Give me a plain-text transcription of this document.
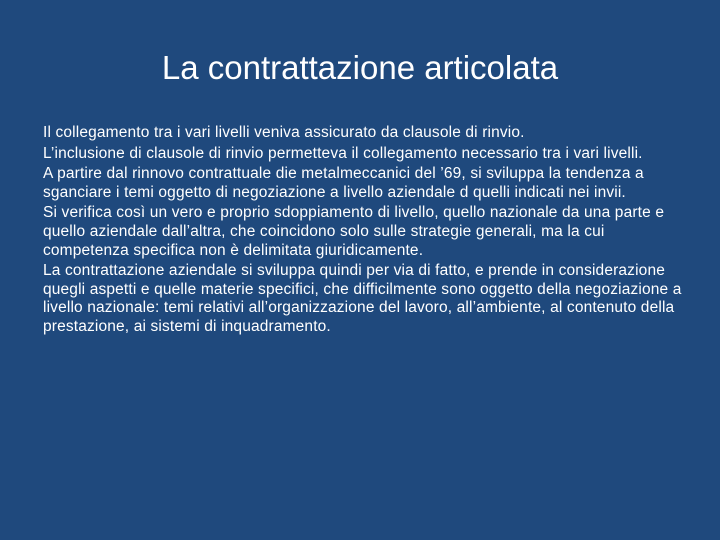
La contrattazione articolata

Il collegamento tra i vari livelli veniva assicurato da clausole di rinvio.

L’inclusione di clausole di rinvio permetteva il collegamento necessario tra i vari livelli.

A partire dal rinnovo contrattuale die metalmeccanici del ’69, si sviluppa la tendenza a sganciare i temi oggetto di negoziazione a livello aziendale d quelli indicati nei invii.

Si verifica così un vero e proprio sdoppiamento di livello, quello nazionale da una parte e quello aziendale dall’altra, che coincidono solo sulle strategie generali, ma la cui competenza specifica non è delimitata giuridicamente.

La contrattazione aziendale si sviluppa quindi per via di fatto, e prende in considerazione quegli aspetti e quelle materie specifici, che difficilmente sono oggetto della negoziazione a livello nazionale: temi relativi all’organizzazione del lavoro, all’ambiente, al contenuto della prestazione, ai sistemi di inquadramento.
